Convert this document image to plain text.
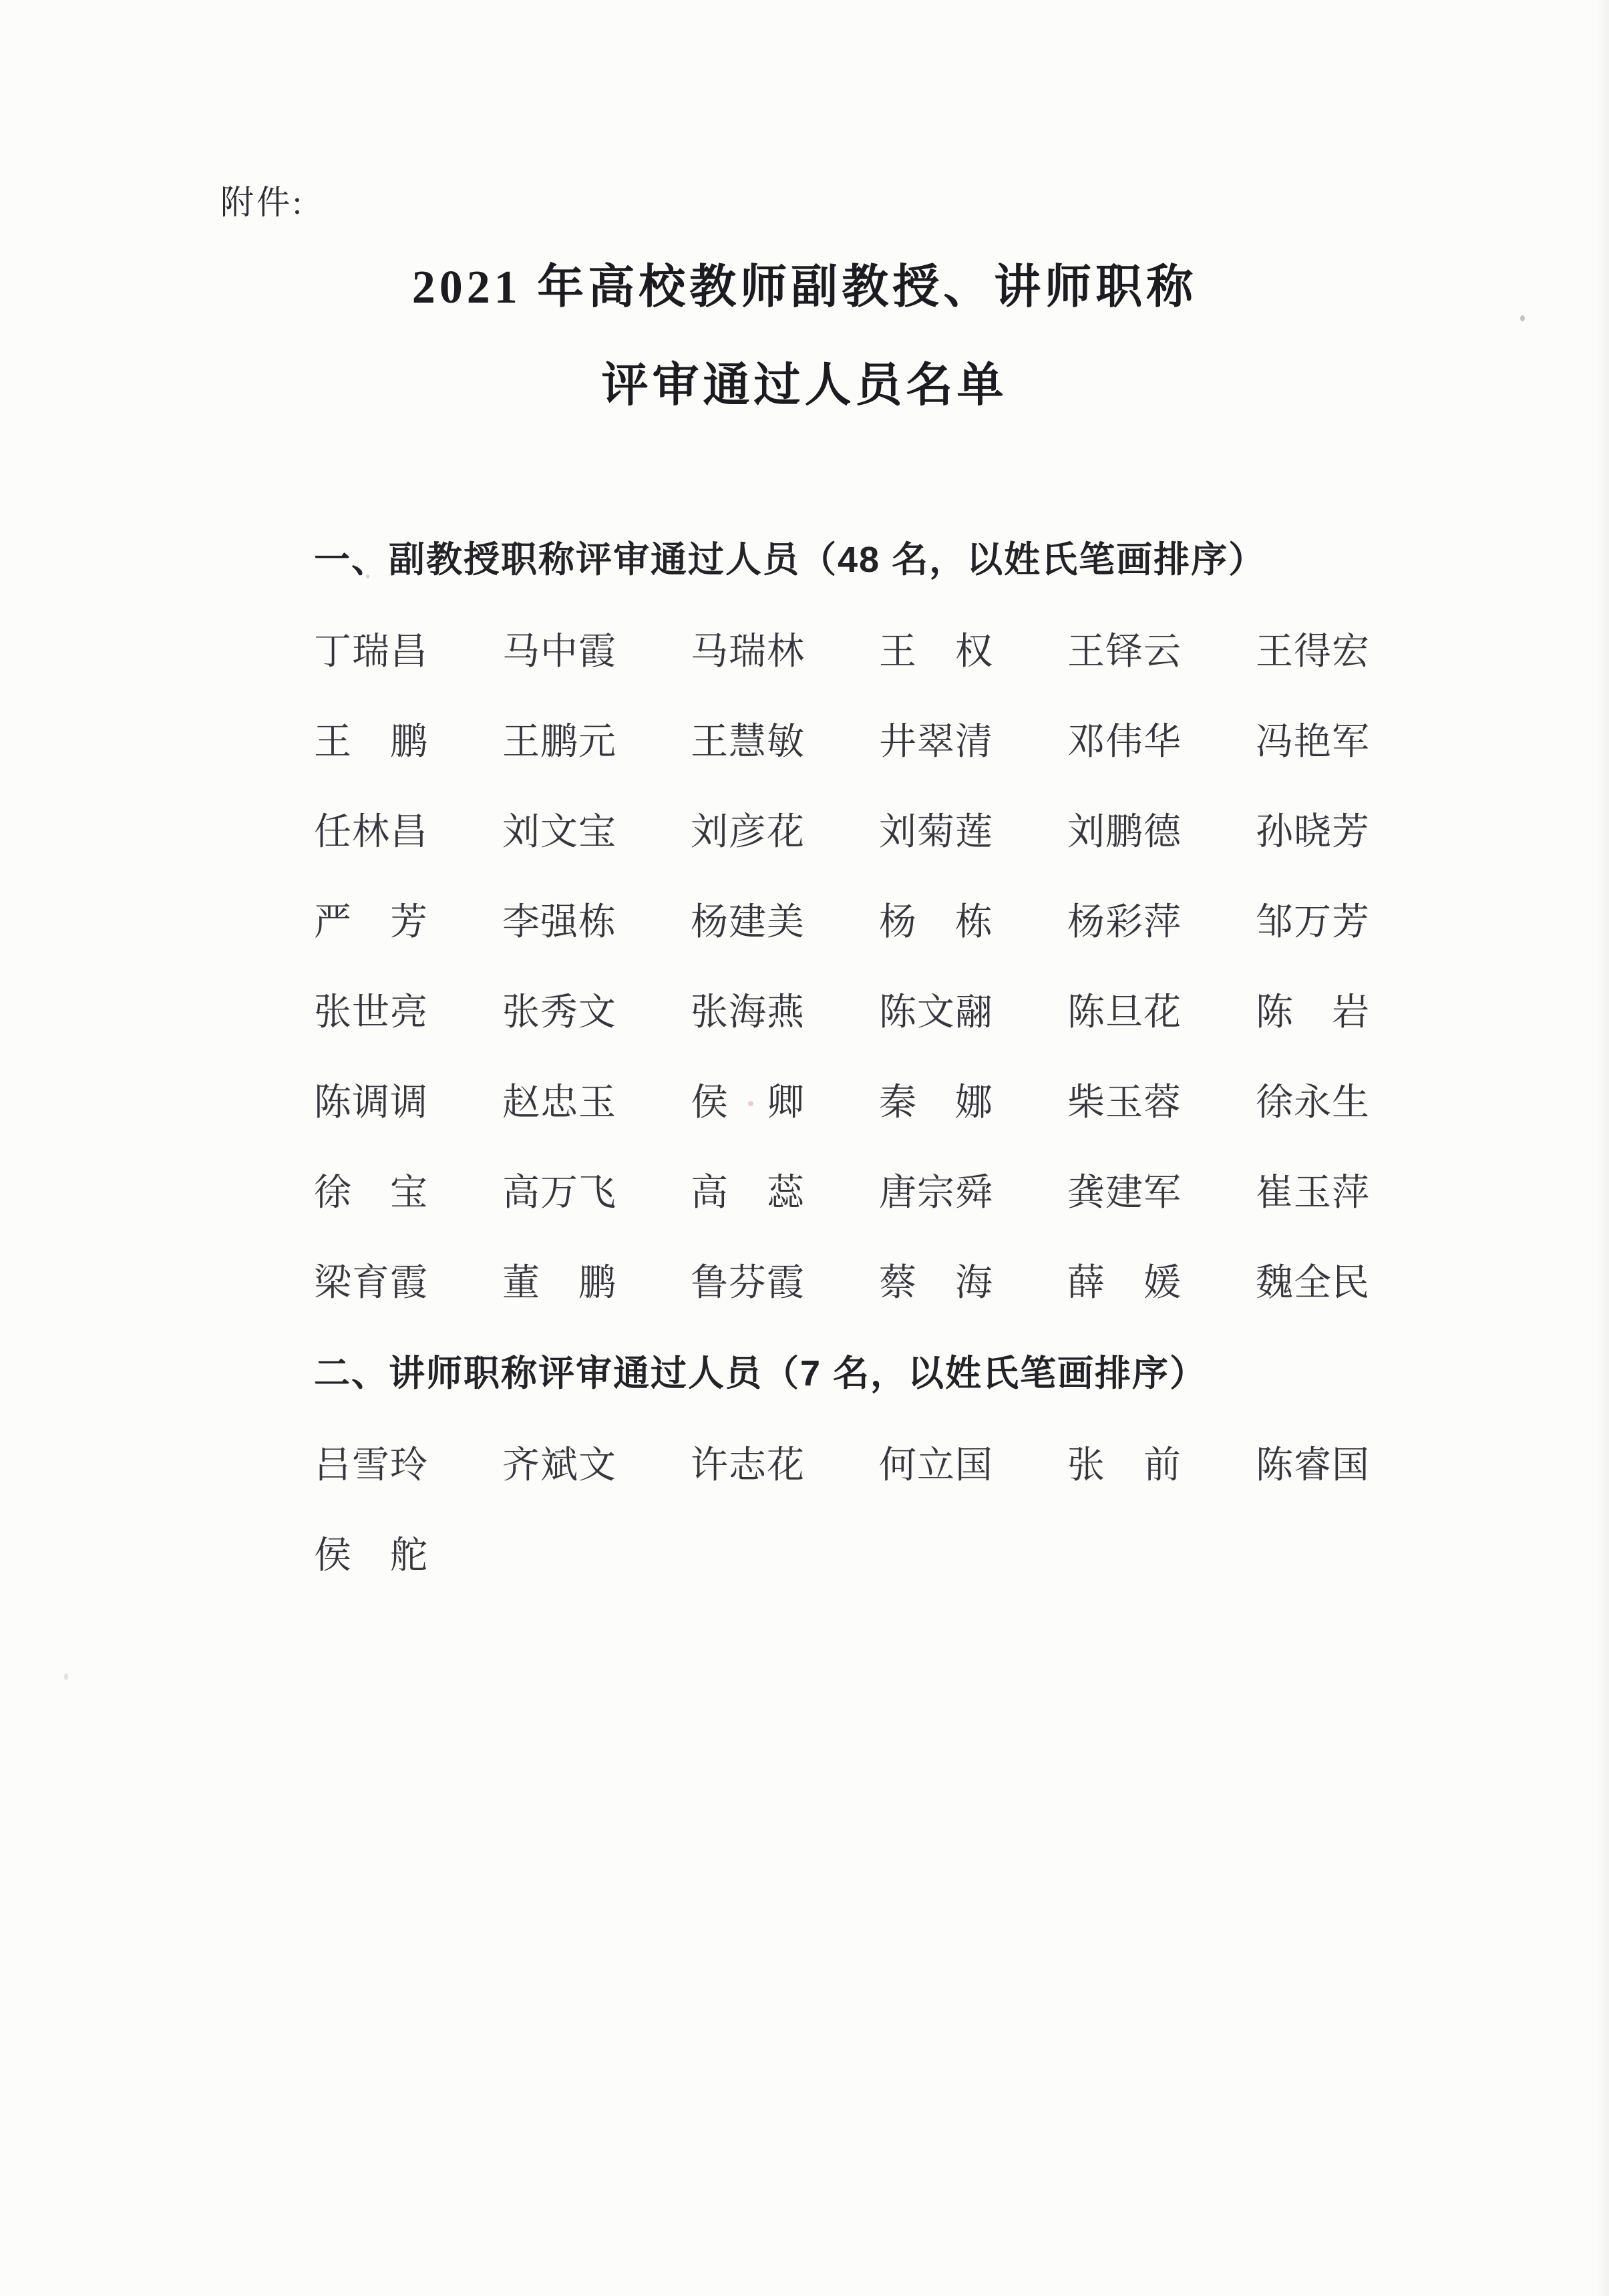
附件:
2021 年高校教师副教授、讲师职称
评审通过人员名单
一、副教授职称评审通过人员（48 名，以姓氏笔画排序）
丁 瑞 昌 马 中 霞 马 瑞 林 王 权 王 铎 云 王 得 宏
王 鹏 王 鹏 元 王 慧 敏 井 翠 清 邓 伟 华 冯 艳 军
任 林 昌 刘 文 宝 刘 彦 花 刘 菊 莲 刘 鹏 德 孙 晓 芳
严 芳 李 强 栋 杨 建 美 杨 栋 杨 彩 萍 邹 万 芳
张 世 亮 张 秀 文 张 海 燕 陈 文 翮 陈 旦 花 陈 岩
陈 调 调 赵 忠 玉 侯 卿 秦 娜 柴 玉 蓉 徐 永 生
徐 宝 高 万 飞 高 蕊 唐 宗 舜 龚 建 军 崔 玉 萍
梁 育 霞 董 鹏 鲁 芬 霞 蔡 海 薛 媛 魏 全 民
二、讲师职称评审通过人员（7 名，以姓氏笔画排序）
吕 雪 玲 齐 斌 文 许 志 花 何 立 国 张 前 陈 睿 国
侯 舵
